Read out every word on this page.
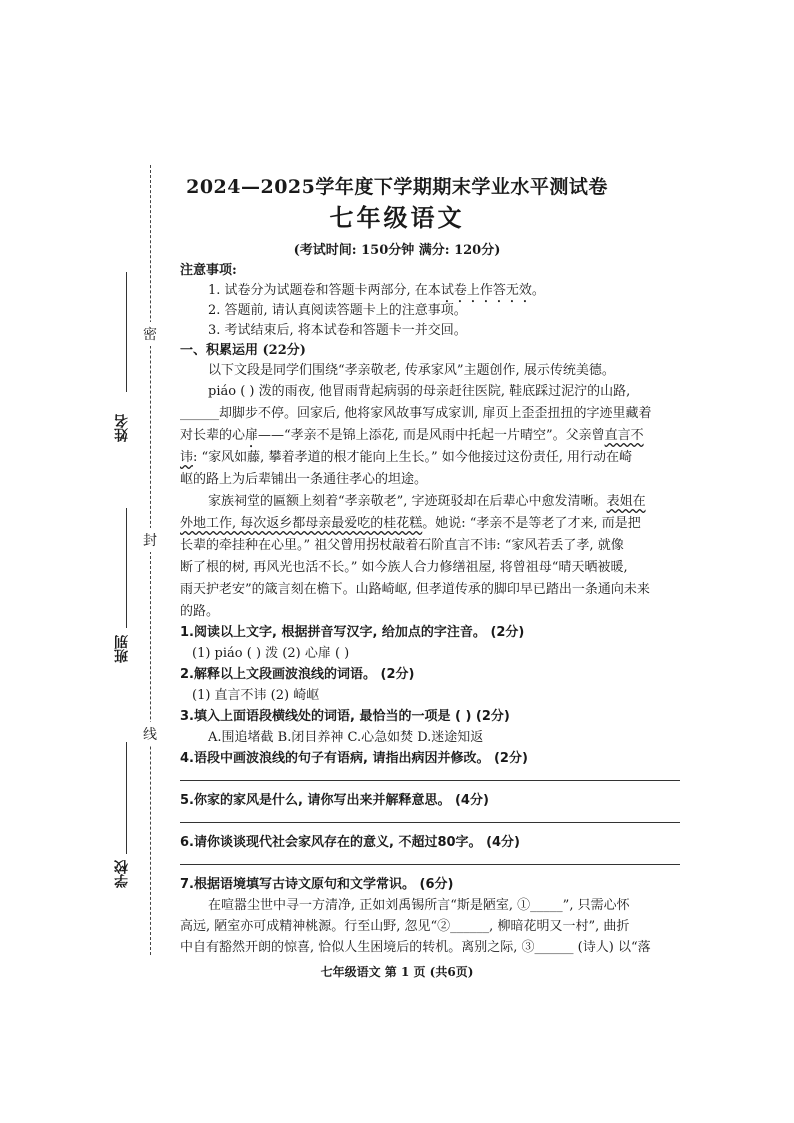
密
封
线
姓名
班别
学校
2024—2025学年度下学期期末学业水平测试卷
七年级语文
(考试时间: 150分钟 满分: 120分)
注意事项:
1. 试卷分为试题卷和答题卡两部分, 在本试卷上作答无效。
2. 答题前, 请认真阅读答题卡上的注意事项。
3. 考试结束后, 将本试卷和答题卡一并交回。
一、积累运用 (22分)
以下文段是同学们围绕“孝亲敬老, 传承家风”主题创作, 展示传统美德。
piáo ( ) 泼的雨夜, 他冒雨背起病弱的母亲赶往医院, 鞋底踩过泥泞的山路,
______却脚步不停。回家后, 他将家风故事写成家训, 扉页上歪歪扭扭的字迹里藏着
对长辈的心扉——“孝亲不是锦上添花, 而是风雨中托起一片晴空”。父亲曾直言不
讳: “家风如藤, 攀着孝道的根才能向上生长。” 如今他接过这份责任, 用行动在崎
岖的路上为后辈铺出一条通往孝心的坦途。
家族祠堂的匾额上刻着“孝亲敬老”, 字迹斑驳却在后辈心中愈发清晰。表姐在
外地工作, 每次返乡都母亲最爱吃的桂花糕。她说: “孝亲不是等老了才来, 而是把
长辈的牵挂种在心里。” 祖父曾用拐杖敲着石阶直言不讳: “家风若丢了孝, 就像
断了根的树, 再风光也活不长。” 如今族人合力修缮祖屋, 将曾祖母“晴天晒被暖,
雨天护老安”的箴言刻在檐下。山路崎岖, 但孝道传承的脚印早已踏出一条通向未来
的路。
1.阅读以上文字, 根据拼音写汉字, 给加点的字注音。 (2分)
(1) piáo ( ) 泼 (2) 心扉 ( )
2.解释以上文段画波浪线的词语。 (2分)
(1) 直言不讳 (2) 崎岖
3.填入上面语段横线处的词语, 最恰当的一项是 ( ) (2分)
A.围追堵截 B.闭目养神 C.心急如焚 D.迷途知返
4.语段中画波浪线的句子有语病, 请指出病因并修改。 (2分)
5.你家的家风是什么, 请你写出来并解释意思。 (4分)
6.请你谈谈现代社会家风存在的意义, 不超过80字。 (4分)
7.根据语境填写古诗文原句和文学常识。 (6分)
在喧嚣尘世中寻一方清净, 正如刘禹锡所言“斯是陋室, ①_____”, 只需心怀
高远, 陋室亦可成精神桃源。行至山野, 忽见“②______, 柳暗花明又一村”, 曲折
中自有豁然开朗的惊喜, 恰似人生困境后的转机。离别之际, ③______ (诗人) 以“落
七年级语文 第 1 页 (共6页)
